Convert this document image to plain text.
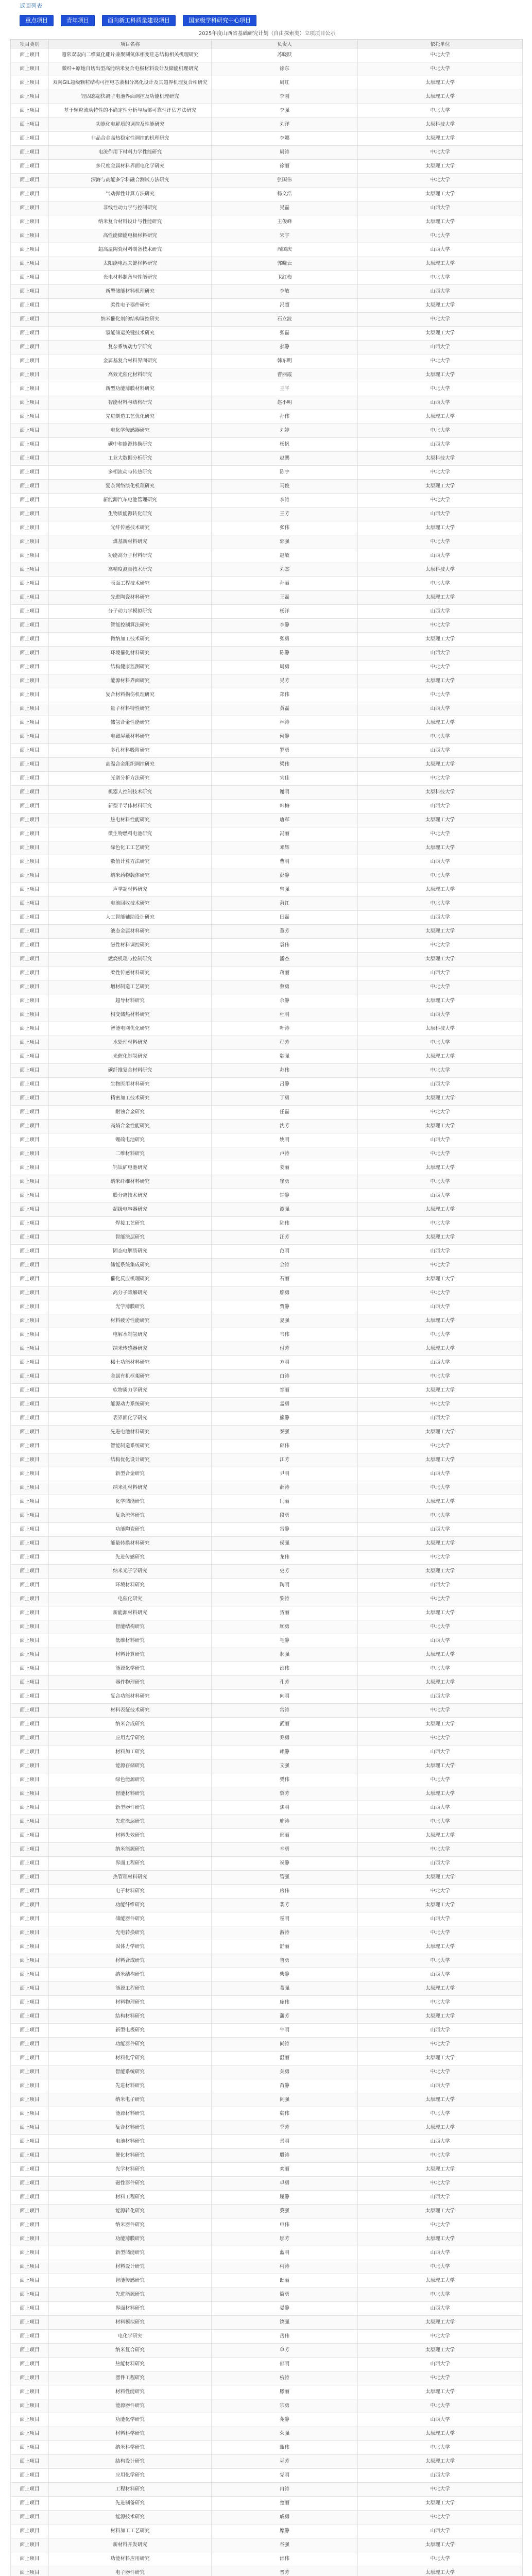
返回列表
重点项目	青年项目	面向新工科质量建设项目	国家级学科研究中心项目
2025年度山西省基础研究计划（自由探索类）立项项目公示
项目类别	项目名称	负责人	依托单位
面上项目	超常双取向二维氮化硼片兼聚制氮体相变硅芯结构相关机理研究	苏晓跃	中北大学
面上项目	微纤+原地自切出型高能纳米复合电极材料设计及储能机理研究	徐东	中北大学
面上项目	双向GIL超级颗粒结构可控电芯液相分离化设计及其超界机理复合相研究	周红	太原理工大学
面上项目	锂固态超快离子电池界面调控及功能机理研究	李刚	太原理工大学
面上项目	基于颗粒流动特性的不确定性分析与局部可靠性评估方法研究	李强	中北大学
面上项目	功能化电解质的调控及性能研究	刘洋	太原科技大学
面上项目	非晶合金高热稳定性调控的机理研究	李娜	太原理工大学
面上项目	电流作用下材料力学性能研究	周涛	中北大学
面上项目	多尺度金属材料界面电化学研究	徐丽	太原理工大学
面上项目	深海与高能多学科融合测试方法研究	张国伟	中北大学
面上项目	气动弹性计算方法研究	杨文浩	太原理工大学
面上项目	非线性动力学与控制研究	吴磊	山西大学
面上项目	纳米复合材料设计与性能研究	王俊峰	太原理工大学
面上项目	高性能储能电极材料研究	宋宇	中北大学
面上项目	超高温陶瓷材料制备技术研究	周国庆	山西大学
面上项目	太阳能电池关键材料研究	郭晓云	太原理工大学
面上项目	光电材料制备与性能研究	卫红梅	中北大学
面上项目	新型储能材料机理研究	李敏	山西大学
面上项目	柔性电子器件研究	冯超	太原理工大学
面上项目	纳米催化剂的结构调控研究	石立波	中北大学
面上项目	氢能储运关键技术研究	张磊	太原理工大学
面上项目	复杂系统动力学研究	郝静	山西大学
面上项目	金属基复合材料界面研究	韩东明	中北大学
面上项目	高效光催化材料研究	曹丽霞	太原理工大学
面上项目	新型功能薄膜材料研究	王平	中北大学
面上项目	智能材料与结构研究	赵小明	山西大学
面上项目	先进制造工艺优化研究	孙伟	太原理工大学
面上项目	电化学传感器研究	刘婷	中北大学
面上项目	碳中和能源转换研究	杨帆	山西大学
面上项目	工业大数据分析研究	赵鹏	太原科技大学
面上项目	多相流动与传热研究	陈宇	中北大学
面上项目	复杂网络演化机理研究	马俊	太原理工大学
面上项目	新能源汽车电池管理研究	李涛	中北大学
面上项目	生物质能源转化研究	王芳	山西大学
面上项目	光纤传感技术研究	张伟	太原理工大学
面上项目	煤基新材料研究	郭强	中北大学
面上项目	功能高分子材料研究	赵敏	山西大学
面上项目	高精度测量技术研究	刘杰	太原科技大学
面上项目	表面工程技术研究	孙丽	中北大学
面上项目	先进陶瓷材料研究	王磊	太原理工大学
面上项目	分子动力学模拟研究	杨洋	山西大学
面上项目	智能控制算法研究	李静	中北大学
面上项目	微纳加工技术研究	张勇	太原理工大学
面上项目	环境催化材料研究	陈静	山西大学
面上项目	结构健康监测研究	周勇	中北大学
面上项目	能源材料界面研究	吴芳	太原理工大学
面上项目	复合材料损伤机理研究	郑伟	中北大学
面上项目	量子材料特性研究	黄磊	山西大学
面上项目	储氢合金性能研究	林涛	太原理工大学
面上项目	电磁屏蔽材料研究	何静	中北大学
面上项目	多孔材料吸附研究	罗勇	山西大学
面上项目	高温合金组织调控研究	梁伟	太原理工大学
面上项目	光谱分析方法研究	宋佳	中北大学
面上项目	机器人控制技术研究	谢明	太原科技大学
面上项目	新型半导体材料研究	韩梅	山西大学
面上项目	热电材料性能研究	唐军	太原理工大学
面上项目	微生物燃料电池研究	冯丽	中北大学
面上项目	绿色化工工艺研究	邓辉	太原理工大学
面上项目	数值计算方法研究	曹明	山西大学
面上项目	纳米药物载体研究	彭静	中北大学
面上项目	声学超材料研究	曾强	太原理工大学
面上项目	电池回收技术研究	萧红	中北大学
面上项目	人工智能辅助设计研究	田磊	山西大学
面上项目	液态金属材料研究	董芳	太原理工大学
面上项目	磁性材料调控研究	袁伟	中北大学
面上项目	燃烧机理与控制研究	潘杰	太原理工大学
面上项目	柔性传感材料研究	蒋丽	山西大学
面上项目	增材制造工艺研究	蔡勇	中北大学
面上项目	超导材料研究	余静	太原理工大学
面上项目	相变储热材料研究	杜明	山西大学
面上项目	智能电网优化研究	叶涛	太原科技大学
面上项目	水处理材料研究	程芳	中北大学
面上项目	光催化制氢研究	魏强	太原理工大学
面上项目	碳纤维复合材料研究	苏伟	中北大学
面上项目	生物医用材料研究	吕静	山西大学
面上项目	精密加工技术研究	丁勇	太原理工大学
面上项目	耐蚀合金研究	任磊	中北大学
面上项目	高熵合金性能研究	沈芳	太原理工大学
面上项目	锂硫电池研究	姚明	山西大学
面上项目	二维材料研究	卢涛	中北大学
面上项目	钙钛矿电池研究	姜丽	太原理工大学
面上项目	纳米纤维材料研究	崔勇	中北大学
面上项目	膜分离技术研究	钟静	山西大学
面上项目	超级电容器研究	谭强	太原理工大学
面上项目	焊接工艺研究	陆伟	中北大学
面上项目	智能涂层研究	汪芳	太原理工大学
面上项目	固态电解质研究	范明	山西大学
面上项目	储能系统集成研究	金涛	中北大学
面上项目	催化反应机理研究	石丽	太原理工大学
面上项目	高分子降解研究	廖勇	中北大学
面上项目	光学薄膜研究	贾静	山西大学
面上项目	材料疲劳性能研究	夏强	太原理工大学
面上项目	电解水制氢研究	韦伟	中北大学
面上项目	纳米传感器研究	付芳	太原理工大学
面上项目	稀土功能材料研究	方明	山西大学
面上项目	金属有机框架研究	白涛	中北大学
面上项目	软物质力学研究	邹丽	太原理工大学
面上项目	能源动力系统研究	孟勇	中北大学
面上项目	表界面化学研究	熊静	山西大学
面上项目	先进电池材料研究	秦强	太原理工大学
面上项目	智能制造系统研究	邱伟	中北大学
面上项目	结构优化设计研究	江芳	太原理工大学
面上项目	新型合金研究	尹明	山西大学
面上项目	纳米孔材料研究	薛涛	中北大学
面上项目	化学储能研究	闫丽	太原理工大学
面上项目	复杂流体研究	段勇	中北大学
面上项目	功能陶瓷研究	雷静	山西大学
面上项目	能量转换材料研究	侯强	太原理工大学
面上项目	先进传感研究	龙伟	中北大学
面上项目	纳米光子学研究	史芳	太原理工大学
面上项目	环境材料研究	陶明	山西大学
面上项目	电催化研究	黎涛	中北大学
面上项目	新能源材料研究	贺丽	太原理工大学
面上项目	智能结构研究	顾勇	中北大学
面上项目	低维材料研究	毛静	山西大学
面上项目	材料计算研究	郝强	太原理工大学
面上项目	能源化学研究	邵伟	中北大学
面上项目	器件物理研究	孔芳	太原理工大学
面上项目	复合功能材料研究	向明	山西大学
面上项目	材料表征技术研究	常涛	中北大学
面上项目	纳米合成研究	武丽	太原理工大学
面上项目	应用光学研究	乔勇	中北大学
面上项目	材料加工研究	赖静	山西大学
面上项目	能源存储研究	文强	太原理工大学
面上项目	绿色能源研究	樊伟	中北大学
面上项目	智能材料研究	黎芳	太原理工大学
面上项目	新型器件研究	焦明	山西大学
面上项目	先进涂层研究	施涛	中北大学
面上项目	材料失效研究	邢丽	太原理工大学
面上项目	纳米能源研究	辛勇	中北大学
面上项目	界面工程研究	祝静	山西大学
面上项目	热管理材料研究	管强	太原理工大学
面上项目	电子材料研究	房伟	中北大学
面上项目	功能纤维研究	裴芳	太原理工大学
面上项目	储能器件研究	霍明	山西大学
面上项目	光电转换研究	游涛	中北大学
面上项目	固体力学研究	舒丽	太原理工大学
面上项目	材料合成研究	鲁勇	中北大学
面上项目	纳米结构研究	柴静	山西大学
面上项目	能源工程研究	葛强	太原理工大学
面上项目	材料物理研究	庞伟	中北大学
面上项目	结构材料研究	蒲芳	太原理工大学
面上项目	新型电极研究	牛明	山西大学
面上项目	功能器件研究	尚涛	中北大学
面上项目	材料化学研究	温丽	太原理工大学
面上项目	智能系统研究	关勇	中北大学
面上项目	先进材料研究	苗静	山西大学
面上项目	纳米电子研究	阎强	太原理工大学
面上项目	能源材料研究	魏伟	中北大学
面上项目	复合材料研究	季芳	太原理工大学
面上项目	电池材料研究	景明	山西大学
面上项目	催化材料研究	殷涛	中北大学
面上项目	光学材料研究	栾丽	太原理工大学
面上项目	磁性器件研究	卓勇	中北大学
面上项目	材料工程研究	屈静	山西大学
面上项目	能源转化研究	冀强	太原理工大学
面上项目	纳米器件研究	申伟	中北大学
面上项目	功能薄膜研究	邬芳	太原理工大学
面上项目	新型储能研究	蓝明	山西大学
面上项目	材料设计研究	柯涛	中北大学
面上项目	智能传感研究	邸丽	太原理工大学
面上项目	先进能源研究	简勇	中北大学
面上项目	界面材料研究	晏静	山西大学
面上项目	材料模拟研究	饶强	太原理工大学
面上项目	电化学研究	岳伟	中北大学
面上项目	纳米复合研究	单芳	太原理工大学
面上项目	热能材料研究	郁明	山西大学
面上项目	器件工程研究	杭涛	中北大学
面上项目	材料性能研究	滕丽	太原理工大学
面上项目	能源器件研究	宗勇	中北大学
面上项目	功能化学研究	苑静	山西大学
面上项目	材料科学研究	荣强	太原理工大学
面上项目	纳米科学研究	甄伟	中北大学
面上项目	结构设计研究	巫芳	太原理工大学
面上项目	应用化学研究	党明	山西大学
面上项目	工程材料研究	冉涛	中北大学
面上项目	先进制备研究	楚丽	太原理工大学
面上项目	能源技术研究	戚勇	中北大学
面上项目	材料加工工艺研究	糜静	山西大学
面上项目	新材料开发研究	谷强	太原理工大学
面上项目	功能材料应用研究	邰伟	中北大学
面上项目	电子器件研究	晋芳	太原理工大学
